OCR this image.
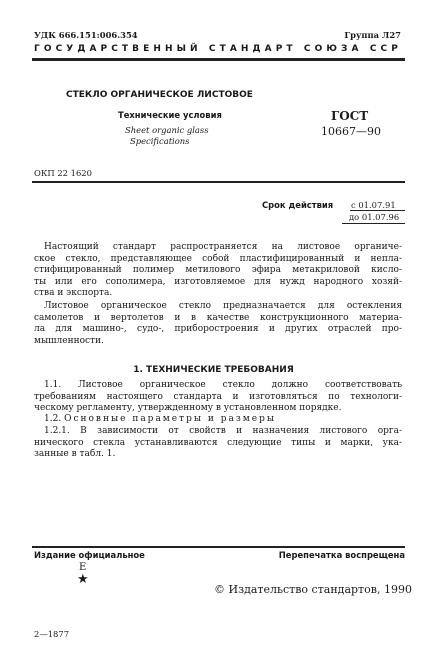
УДК 666.151:006.354	Группа Л27
ГОСУДАРСТВЕННЫЙ СТАНДАРТ СОЮЗА ССР
СТЕКЛО ОРГАНИЧЕСКОЕ ЛИСТОВОЕ
Технические условия
Sheet organic glass
Specifications
ГОСТ
10667—90
ОКП 22 1620
Срок действия с 01.07.91
до 01.07.96
Настоящий стандарт распространяется на листовое органиче-
ское стекло, представляющее собой пластифицированный и непла-
стифицированный полимер метилового эфира метакриловой кисло-
ты или его сополимера, изготовляемое для нужд народного хозяй-
ства и экспорта.
Листовое органическое стекло предназначается для остекления
самолетов и вертолетов и в качестве конструкционного материа-
ла для машино-, судо-, приборостроения и других отраслей про-
мышленности.
1. ТЕХНИЧЕСКИЕ ТРЕБОВАНИЯ
1.1. Листовое органическое стекло должно соответствовать
требованиям настоящего стандарта и изготовляться по технологи-
ческому регламенту, утвержденному в установленном порядке.
1.2. Основные параметры и размеры
1.2.1. В зависимости от свойств и назначения листового орга-
нического стекла устанавливаются следующие типы и марки, ука-
занные в табл. 1.
Издание официальное	Перепечатка воспрещена
Е
★
© Издательство стандартов, 1990
2—1877
